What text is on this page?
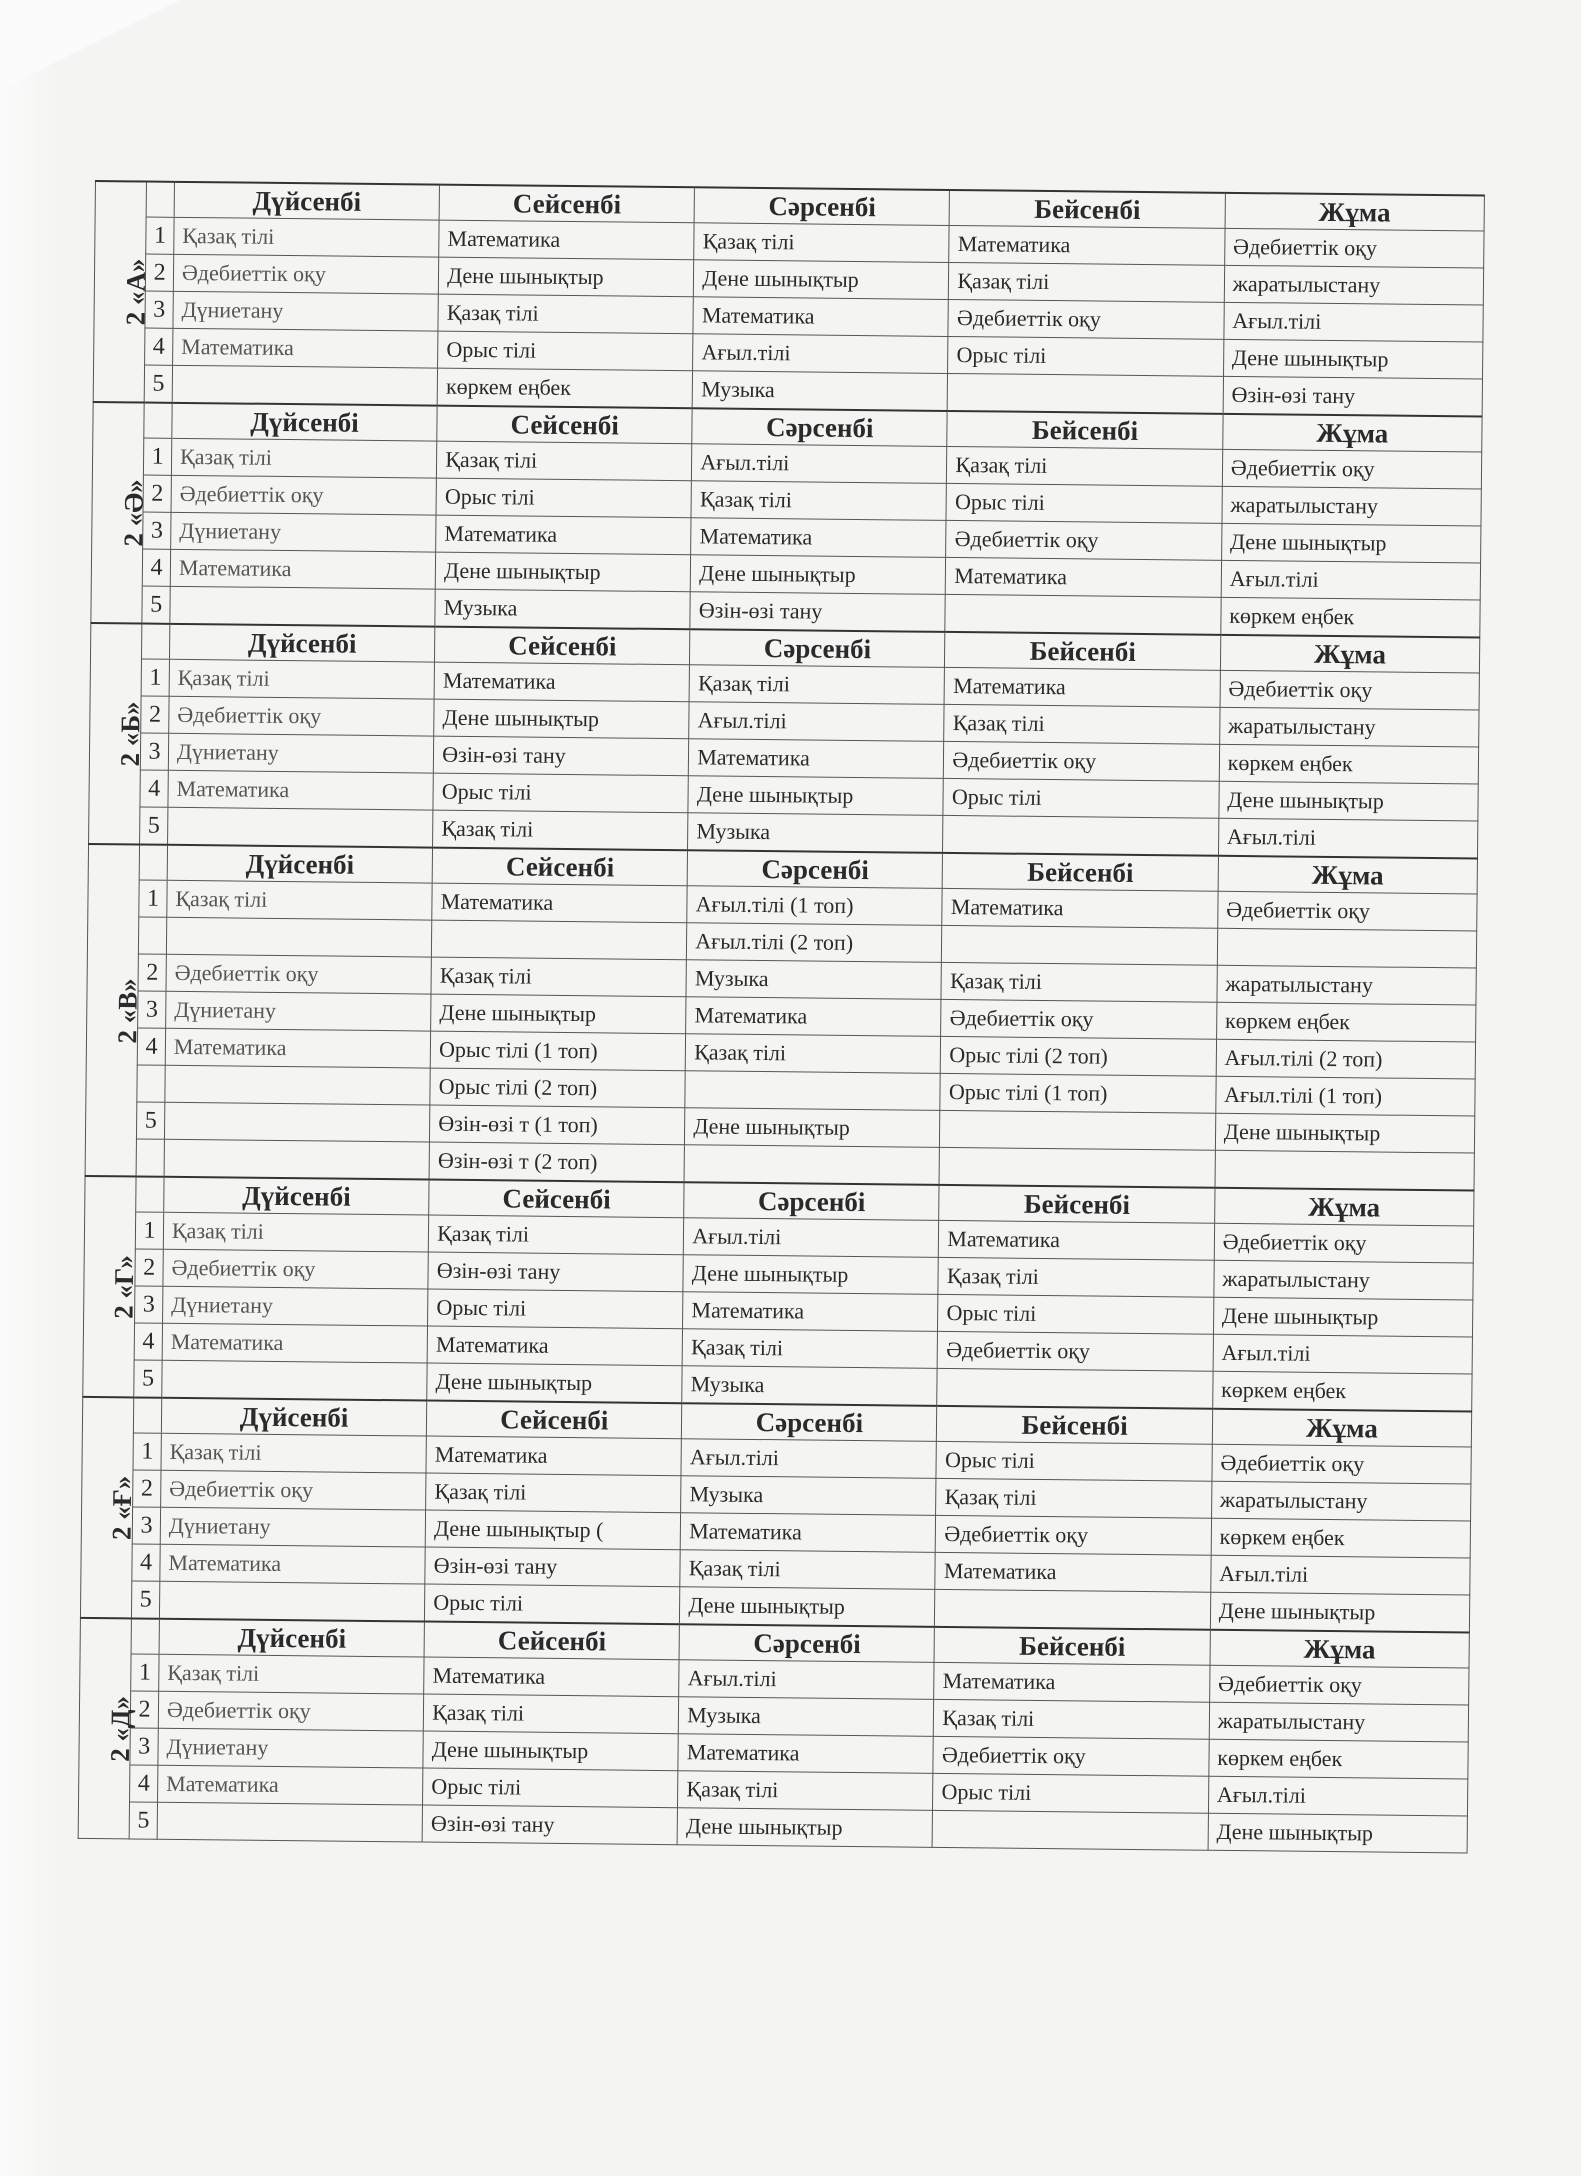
2 «А»		Дүйсенбі	Сейсенбі	Сәрсенбі	Бейсенбі	Жұма
	1	Қазақ тілі	Математика	Қазақ тілі	Математика	Әдебиеттік оқу
	2	Әдебиеттік оқу	Дене шынықтыр	Дене шынықтыр	Қазақ тілі	жаратылыстану
	3	Дүниетану	Қазақ тілі	Математика	Әдебиеттік оқу	Ағыл.тілі
	4	Математика	Орыс тілі	Ағыл.тілі	Орыс тілі	Дене шынықтыр
	5		көркем еңбек	Музыка		Өзін-өзі тану
2 «Ә»		Дүйсенбі	Сейсенбі	Сәрсенбі	Бейсенбі	Жұма
	1	Қазақ тілі	Қазақ тілі	Ағыл.тілі	Қазақ тілі	Әдебиеттік оқу
	2	Әдебиеттік оқу	Орыс тілі	Қазақ тілі	Орыс тілі	жаратылыстану
	3	Дүниетану	Математика	Математика	Әдебиеттік оқу	Дене шынықтыр
	4	Математика	Дене шынықтыр	Дене шынықтыр	Математика	Ағыл.тілі
	5		Музыка	Өзін-өзі тану		көркем еңбек
2 «Б»		Дүйсенбі	Сейсенбі	Сәрсенбі	Бейсенбі	Жұма
	1	Қазақ тілі	Математика	Қазақ тілі	Математика	Әдебиеттік оқу
	2	Әдебиеттік оқу	Дене шынықтыр	Ағыл.тілі	Қазақ тілі	жаратылыстану
	3	Дүниетану	Өзін-өзі тану	Математика	Әдебиеттік оқу	көркем еңбек
	4	Математика	Орыс тілі	Дене шынықтыр	Орыс тілі	Дене шынықтыр
	5		Қазақ тілі	Музыка		Ағыл.тілі
2 «В»		Дүйсенбі	Сейсенбі	Сәрсенбі	Бейсенбі	Жұма
	1	Қазақ тілі	Математика	Ағыл.тілі (1 топ)	Математика	Әдебиеттік оқу
				Ағыл.тілі (2 топ)		
	2	Әдебиеттік оқу	Қазақ тілі	Музыка	Қазақ тілі	жаратылыстану
	3	Дүниетану	Дене шынықтыр	Математика	Әдебиеттік оқу	көркем еңбек
	4	Математика	Орыс тілі (1 топ)	Қазақ тілі	Орыс тілі (2 топ)	Ағыл.тілі (2 топ)
			Орыс тілі (2 топ)		Орыс тілі (1 топ)	Ағыл.тілі (1 топ)
	5		Өзін-өзі т (1 топ)	Дене шынықтыр		Дене шынықтыр
			Өзін-өзі т (2 топ)			
2 «Г»		Дүйсенбі	Сейсенбі	Сәрсенбі	Бейсенбі	Жұма
	1	Қазақ тілі	Қазақ тілі	Ағыл.тілі	Математика	Әдебиеттік оқу
	2	Әдебиеттік оқу	Өзін-өзі тану	Дене шынықтыр	Қазақ тілі	жаратылыстану
	3	Дүниетану	Орыс тілі	Математика	Орыс тілі	Дене шынықтыр
	4	Математика	Математика	Қазақ тілі	Әдебиеттік оқу	Ағыл.тілі
	5		Дене шынықтыр	Музыка		көркем еңбек
2 «Ғ»		Дүйсенбі	Сейсенбі	Сәрсенбі	Бейсенбі	Жұма
	1	Қазақ тілі	Математика	Ағыл.тілі	Орыс тілі	Әдебиеттік оқу
	2	Әдебиеттік оқу	Қазақ тілі	Музыка	Қазақ тілі	жаратылыстану
	3	Дүниетану	Дене шынықтыр (	Математика	Әдебиеттік оқу	көркем еңбек
	4	Математика	Өзін-өзі тану	Қазақ тілі	Математика	Ағыл.тілі
	5		Орыс тілі	Дене шынықтыр		Дене шынықтыр
2 «Д»		Дүйсенбі	Сейсенбі	Сәрсенбі	Бейсенбі	Жұма
	1	Қазақ тілі	Математика	Ағыл.тілі	Математика	Әдебиеттік оқу
	2	Әдебиеттік оқу	Қазақ тілі	Музыка	Қазақ тілі	жаратылыстану
	3	Дүниетану	Дене шынықтыр	Математика	Әдебиеттік оқу	көркем еңбек
	4	Математика	Орыс тілі	Қазақ тілі	Орыс тілі	Ағыл.тілі
	5		Өзін-өзі тану	Дене шынықтыр		Дене шынықтыр
